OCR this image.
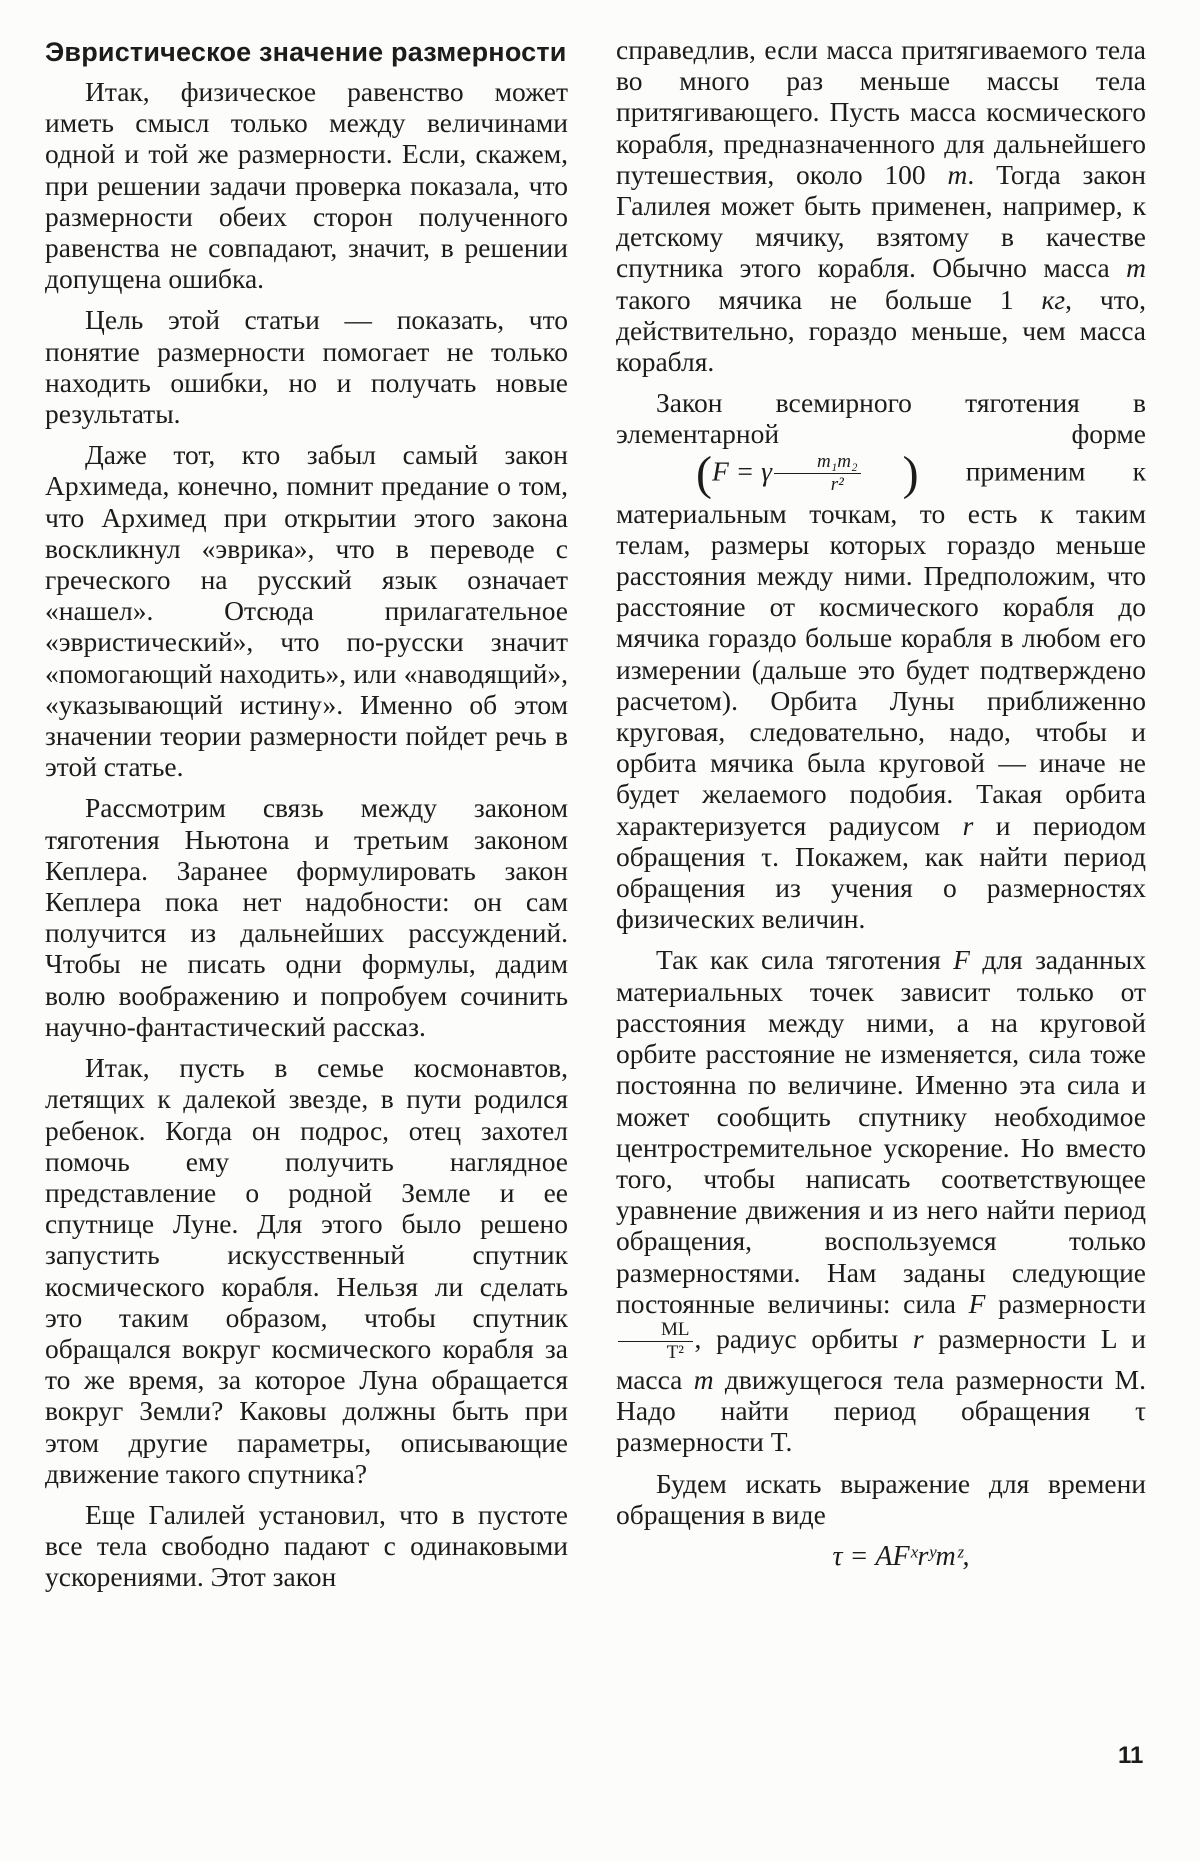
Эвристическое значение размерности

Итак, физическое равенство может иметь смысл только между величинами одной и той же размерности. Если, скажем, при решении задачи проверка показала, что размерности обеих сторон полученного равенства не совпадают, значит, в решении допущена ошибка.

Цель этой статьи — показать, что понятие размерности помогает не только находить ошибки, но и получать новые результаты.

Даже тот, кто забыл самый закон Архимеда, конечно, помнит предание о том, что Архимед при открытии этого закона воскликнул «эврика», что в переводе с греческого на русский язык означает «нашел». Отсюда прилагательное «эвристический», что по-русски значит «помогающий находить», или «наводящий», «указывающий истину». Именно об этом значении теории размерности пойдет речь в этой статье.

Рассмотрим связь между законом тяготения Ньютона и третьим законом Кеплера. Заранее формулировать закон Кеплера пока нет надобности: он сам получится из дальнейших рассуждений. Чтобы не писать одни формулы, дадим волю воображению и попробуем сочинить научно-фантастический рассказ.

Итак, пусть в семье космонавтов, летящих к далекой звезде, в пути родился ребенок. Когда он подрос, отец захотел помочь ему получить наглядное представление о родной Земле и ее спутнице Луне. Для этого было решено запустить искусственный спутник космического корабля. Нельзя ли сделать это таким образом, чтобы спутник обращался вокруг космического корабля за то же время, за которое Луна обращается вокруг Земли? Каковы должны быть при этом другие параметры, описывающие движение такого спутника?

Еще Галилей установил, что в пустоте все тела свободно падают с одинаковыми ускорениями. Этот закон

справедлив, если масса притягиваемого тела во много раз меньше массы тела притягивающего. Пусть масса космического корабля, предназначенного для дальнейшего путешествия, около 100 т. Тогда закон Галилея может быть применен, например, к детскому мячику, взятому в качестве спутника этого корабля. Обычно масса m такого мячика не больше 1 кг, что, действительно, гораздо меньше, чем масса корабля.

Закон всемирного тяготения в элементарной форме (F = γ $\frac{\text{m₁m₂}}{\text{r²}}$ ) применим к материальным точкам, то есть к таким телам, размеры которых гораздо меньше расстояния между ними. Предположим, что расстояние от космического корабля до мячика гораздо больше корабля в любом его измерении (дальше это будет подтверждено расчетом). Орбита Луны приближенно круговая, следовательно, надо, чтобы и орбита мячика была круговой — иначе не будет желаемого подобия. Такая орбита характеризуется радиусом r и периодом обращения τ. Покажем, как найти период обращения из учения о размерностях физических величин.

Так как сила тяготения F для заданных материальных точек зависит только от расстояния между ними, а на круговой орбите расстояние не изменяется, сила тоже постоянна по величине. Именно эта сила и может сообщить спутнику необходимое центростремительное ускорение. Но вместо того, чтобы написать соответствующее уравнение движения и из него найти период обращения, воспользуемся только размерностями. Нам заданы следующие постоянные величины: сила F размерности
$\frac{ML}{\text{T²}}$ , радиус орбиты r размерности L и масса m движущегося тела размерности M. Надо найти период обращения τ размерности T.

Будем искать выражение для времени обращения в виде

τ = AFˣrʸmᶻ,
11
